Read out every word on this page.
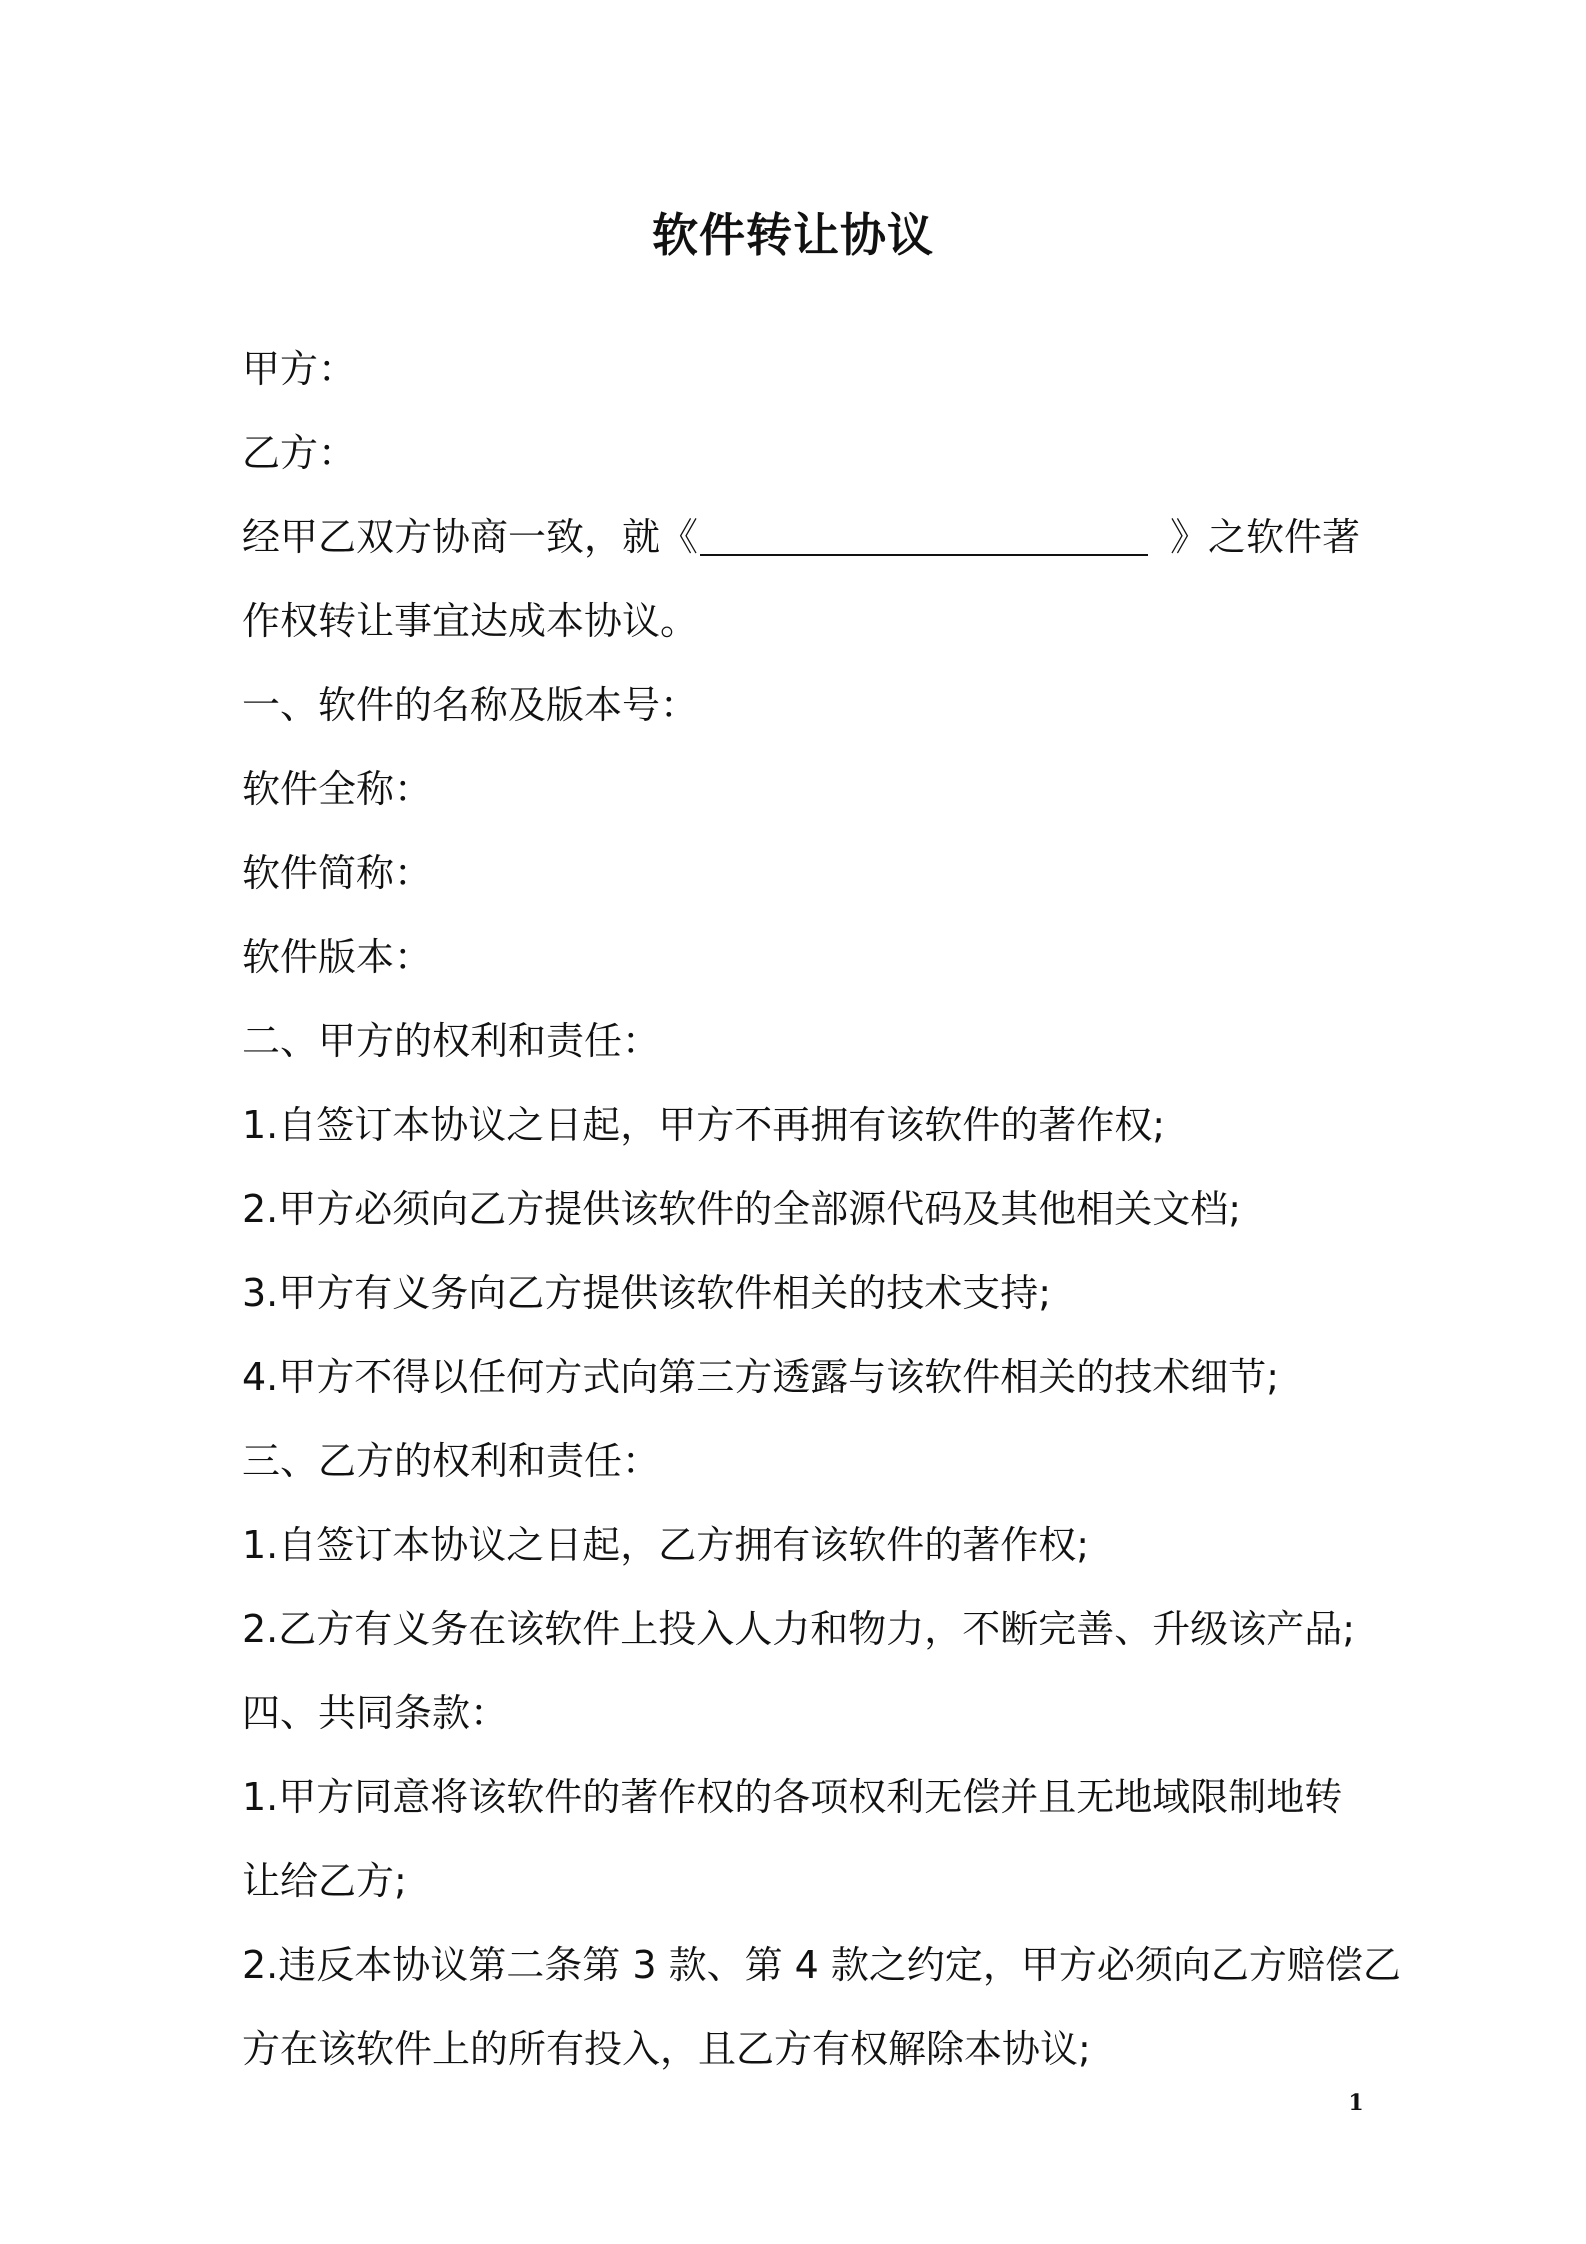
软件转让协议
甲方：
乙方：
经甲乙双方协商一致，就《	》之软件著
作权转让事宜达成本协议。
一、软件的名称及版本号：
软件全称：
软件简称：
软件版本：
二、甲方的权利和责任：
1.自签订本协议之日起，甲方不再拥有该软件的著作权;
2.甲方必须向乙方提供该软件的全部源代码及其他相关文档;
3.甲方有义务向乙方提供该软件相关的技术支持;
4.甲方不得以任何方式向第三方透露与该软件相关的技术细节;
三、乙方的权利和责任：
1.自签订本协议之日起，乙方拥有该软件的著作权;
2.乙方有义务在该软件上投入人力和物力，不断完善、升级该产品;
四、共同条款：
1.甲方同意将该软件的著作权的各项权利无偿并且无地域限制地转
让给乙方;
2.违反本协议第二条第 3 款、第 4 款之约定，甲方必须向乙方赔偿乙
方在该软件上的所有投入，且乙方有权解除本协议;
1
